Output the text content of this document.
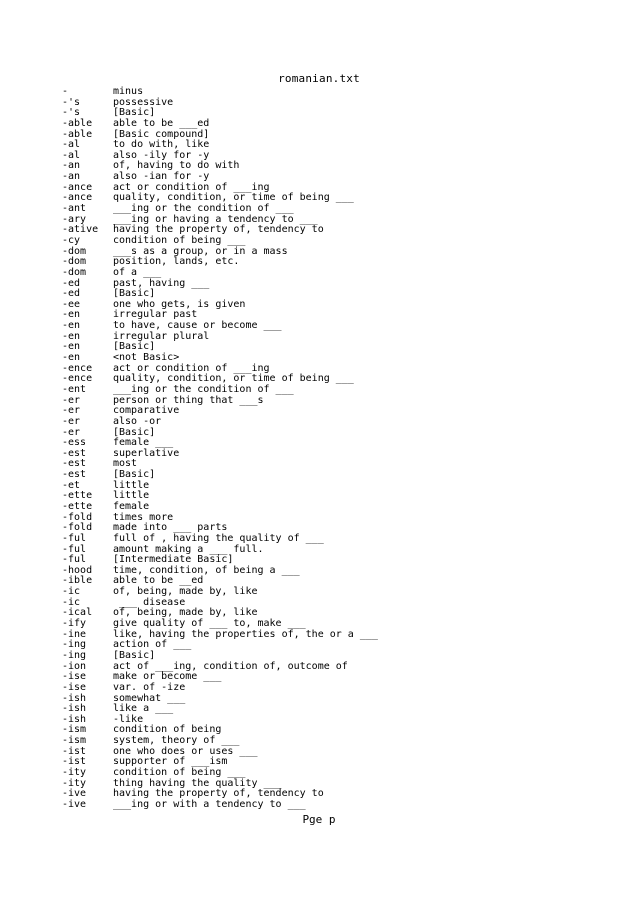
romanian.txt
-	minus
-'s	possessive
-'s	[Basic]
-able	able to be ___ed
-able	[Basic compound]
-al	to do with, like
-al	also -ily for -y
-an	of, having to do with
-an	also -ian for -y
-ance	act or condition of ___ing
-ance	quality, condition, or time of being ___
-ant	___ing or the condition of ___
-ary	___ing or having a tendency to ___
-ative	having the property of, tendency to
-cy	condition of being ___
-dom	___s as a group, or in a mass
-dom	position, lands, etc.
-dom	of a ___
-ed	past, having ___
-ed	[Basic]
-ee	one who gets, is given
-en	irregular past
-en	to have, cause or become ___
-en	irregular plural
-en	[Basic]
-en	<not Basic>
-ence	act or condition of ___ing
-ence	quality, condition, or time of being ___
-ent	___ing or the condition of ___
-er	person or thing that ___s
-er	comparative
-er	also -or
-er	[Basic]
-ess	female ___
-est	superlative
-est	most
-est	[Basic]
-et	little
-ette	little
-ette	female
-fold	times more
-fold	made into ___ parts
-ful	full of , having the quality of ___
-ful	amount making a ___ full.
-ful	[Intermediate Basic]
-hood	time, condition, of being a ___
-ible	able to be __ed
-ic	of, being, made by, like
-ic	___ disease
-ical	of, being, made by, like
-ify	give quality of ___ to, make ___
-ine	like, having the properties of, the or a ___
-ing	action of ___
-ing	[Basic]
-ion	act of ___ing, condition of, outcome of
-ise	make or become ___
-ise	var. of -ize
-ish	somewhat ___
-ish	like a ___
-ish	-like
-ism	condition of being
-ism	system, theory of ___
-ist	one who does or uses ___
-ist	supporter of ___ism
-ity	condition of being ___
-ity	thing having the quality ___
-ive	having the property of, tendency to
-ive	___ing or with a tendency to ___
Pge p
